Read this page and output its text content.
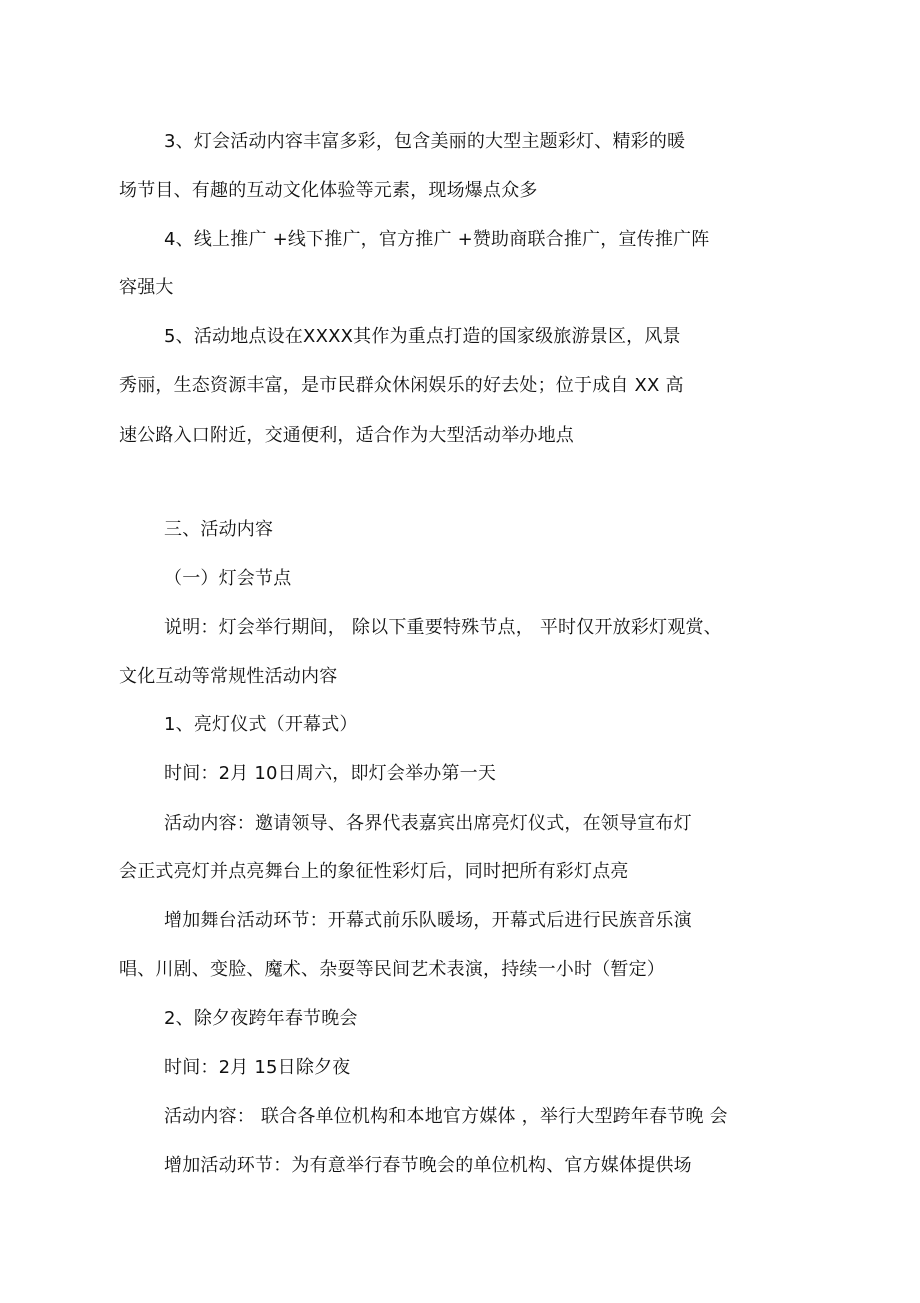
3、灯会活动内容丰富多彩，包含美丽的大型主题彩灯、精彩的暖
场节目、有趣的互动文化体验等元素，现场爆点众多
4、线上推广 +线下推广，官方推广 +赞助商联合推广，宣传推广阵
容强大
5、活动地点设在XXXX其作为重点打造的国家级旅游景区，风景
秀丽，生态资源丰富，是市民群众休闲娱乐的好去处；位于成自 XX 高
速公路入口附近，交通便利，适合作为大型活动举办地点
三、活动内容
（一）灯会节点
说明：灯会举行期间， 除以下重要特殊节点， 平时仅开放彩灯观赏、
文化互动等常规性活动内容
1、亮灯仪式（开幕式）
时间：2月 10日周六，即灯会举办第一天
活动内容：邀请领导、各界代表嘉宾出席亮灯仪式，在领导宣布灯
会正式亮灯并点亮舞台上的象征性彩灯后，同时把所有彩灯点亮
增加舞台活动环节：开幕式前乐队暖场，开幕式后进行民族音乐演
唱、川剧、变脸、魔术、杂耍等民间艺术表演，持续一小时（暂定）
2、除夕夜跨年春节晚会
时间：2月 15日除夕夜
活动内容： 联合各单位机构和本地官方媒体 ，举行大型跨年春节晚 会
增加活动环节：为有意举行春节晚会的单位机构、官方媒体提供场
